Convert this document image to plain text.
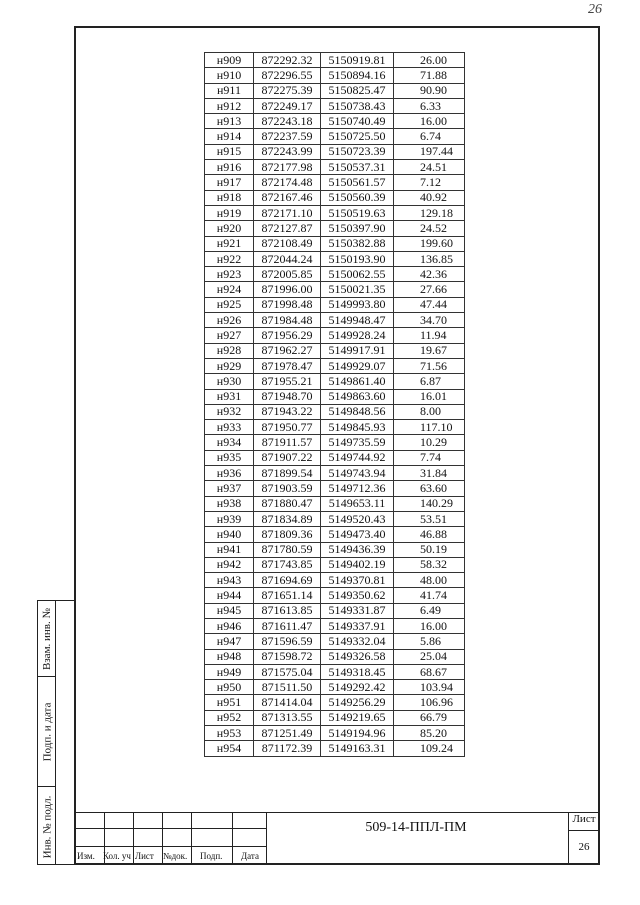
26
Взам. инв. №
Подп. и дата
Инв. № подл.
н909	872292.32	5150919.81	26.00
н910	872296.55	5150894.16	71.88
н911	872275.39	5150825.47	90.90
н912	872249.17	5150738.43	6.33
н913	872243.18	5150740.49	16.00
н914	872237.59	5150725.50	6.74
н915	872243.99	5150723.39	197.44
н916	872177.98	5150537.31	24.51
н917	872174.48	5150561.57	7.12
н918	872167.46	5150560.39	40.92
н919	872171.10	5150519.63	129.18
н920	872127.87	5150397.90	24.52
н921	872108.49	5150382.88	199.60
н922	872044.24	5150193.90	136.85
н923	872005.85	5150062.55	42.36
н924	871996.00	5150021.35	27.66
н925	871998.48	5149993.80	47.44
н926	871984.48	5149948.47	34.70
н927	871956.29	5149928.24	11.94
н928	871962.27	5149917.91	19.67
н929	871978.47	5149929.07	71.56
н930	871955.21	5149861.40	6.87
н931	871948.70	5149863.60	16.01
н932	871943.22	5149848.56	8.00
н933	871950.77	5149845.93	117.10
н934	871911.57	5149735.59	10.29
н935	871907.22	5149744.92	7.74
н936	871899.54	5149743.94	31.84
н937	871903.59	5149712.36	63.60
н938	871880.47	5149653.11	140.29
н939	871834.89	5149520.43	53.51
н940	871809.36	5149473.40	46.88
н941	871780.59	5149436.39	50.19
н942	871743.85	5149402.19	58.32
н943	871694.69	5149370.81	48.00
н944	871651.14	5149350.62	41.74
н945	871613.85	5149331.87	6.49
н946	871611.47	5149337.91	16.00
н947	871596.59	5149332.04	5.86
н948	871598.72	5149326.58	25.04
н949	871575.04	5149318.45	68.67
н950	871511.50	5149292.42	103.94
н951	871414.04	5149256.29	106.96
н952	871313.55	5149219.65	66.79
н953	871251.49	5149194.96	85.20
н954	871172.39	5149163.31	109.24
Изм. Кол. уч Лист №док. Подп. Дата
509-14-ППЛ-ПМ
Лист
26
